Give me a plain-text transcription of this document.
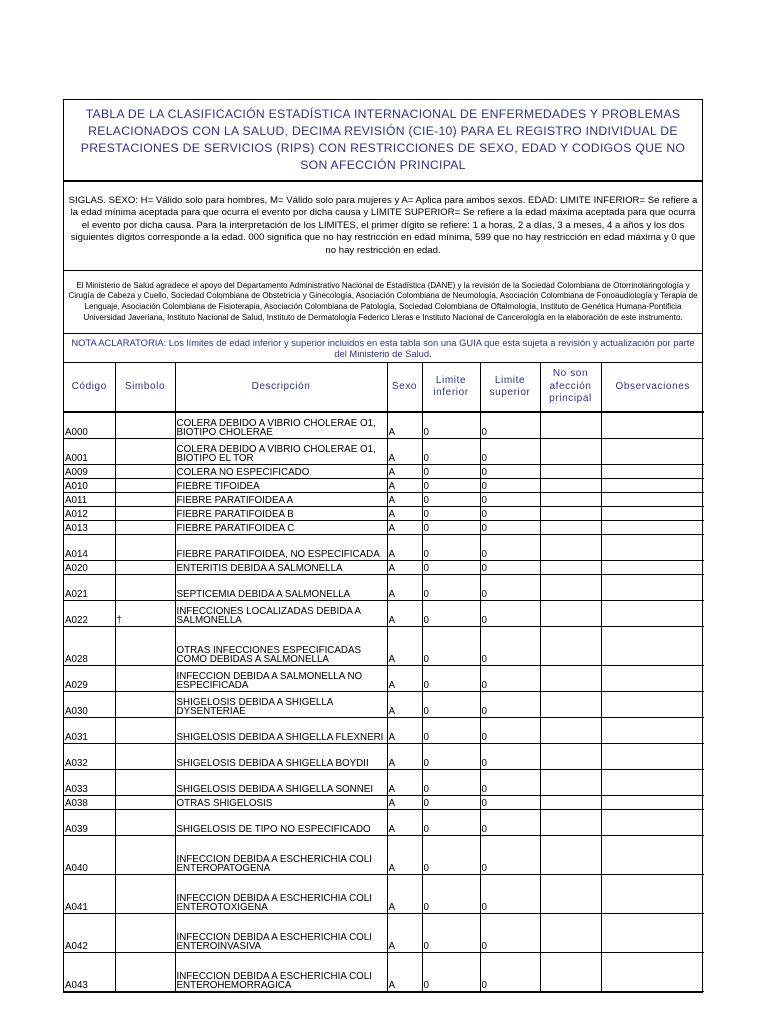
TABLA DE LA CLASIFICACIÓN ESTADÍSTICA INTERNACIONAL DE ENFERMEDADES Y PROBLEMAS RELACIONADOS CON LA SALUD, DECIMA REVISIÓN (CIE-10) PARA EL REGISTRO INDIVIDUAL DE PRESTACIONES DE SERVICIOS (RIPS) CON RESTRICCIONES DE SEXO, EDAD Y CODIGOS QUE NO SON AFECCIÓN PRINCIPAL
SIGLAS. SEXO: H= Válido solo para hombres, M= Válido solo para mujeres y A= Aplica para ambos sexos. EDAD: LIMITE INFERIOR= Se refiere a la edad mínima aceptada para que ocurra el evento por dicha causa y LIMITE SUPERIOR= Se refiere a la edad máxima aceptada para que ocurra el evento por dicha causa. Para la interpretación de los LIMITES, el primer dígito se refiere: 1 a horas, 2 a días, 3 a meses, 4 a años y los dos siguientes dígitos corresponde a la edad. 000 significa que no hay restricción en edad mínima, 599 que no hay restricción en edad máxima y 0 que no hay restricción en edad.
El Ministerio de Salud agradece el apoyo del Departamento Administrativo Nacional de Estadística (DANE) y la revisión de la Sociedad Colombiana de Otorrinolaringología y Cirugía de Cabeza y Cuello, Sociedad Colombiana de Obstetricia y Ginecología, Asociación Colombiana de Neumología, Asociación Colombiana de Fonoaudiología y Terapia de Lenguaje, Asociación Colombiana de Fisioterapia, Asociación Colombiana de Patología, Sociedad Colombiana de Oftalmología, Instituto de Genética Humana-Pontificia Universidad Javeriana, Instituto Nacional de Salud, Instituto de Dermatología Federico Lleras e Instituto Nacional de Cancerología en la elaboración de este instrumento.
NOTA ACLARATORIA: Los límites de edad inferior y superior incluidos en esta tabla son una GUIA que esta sujeta a revisión y actualización por parte del Ministerio de Salud.
Código	Simbolo	Descripción	Sexo	Limite inferior	Limite superior	No son afección principal	Observaciones
A000		COLERA DEBIDO A VIBRIO CHOLERAE O1, BIOTIPO CHOLERAE	A	0	0		
A001		COLERA DEBIDO A VIBRIO CHOLERAE O1, BIOTIPO EL TOR	A	0	0		
A009		COLERA NO ESPECIFICADO	A	0	0		
A010		FIEBRE TIFOIDEA	A	0	0		
A011		FIEBRE PARATIFOIDEA A	A	0	0		
A012		FIEBRE PARATIFOIDEA B	A	0	0		
A013		FIEBRE PARATIFOIDEA C	A	0	0		
A014		FIEBRE PARATIFOIDEA, NO ESPECIFICADA	A	0	0		
A020		ENTERITIS DEBIDA A SALMONELLA	A	0	0		
A021		SEPTICEMIA DEBIDA A SALMONELLA	A	0	0		
A022	†	INFECCIONES LOCALIZADAS DEBIDA A SALMONELLA	A	0	0		
A028		OTRAS INFECCIONES ESPECIFICADAS COMO DEBIDAS A SALMONELLA	A	0	0		
A029		INFECCION DEBIDA A SALMONELLA NO ESPECIFICADA	A	0	0		
A030		SHIGELOSIS DEBIDA A SHIGELLA DYSENTERIAE	A	0	0		
A031		SHIGELOSIS DEBIDA A SHIGELLA FLEXNERI	A	0	0		
A032		SHIGELOSIS DEBIDA A SHIGELLA BOYDII	A	0	0		
A033		SHIGELOSIS DEBIDA A SHIGELLA SONNEI	A	0	0		
A038		OTRAS SHIGELOSIS	A	0	0		
A039		SHIGELOSIS DE TIPO NO ESPECIFICADO	A	0	0		
A040		INFECCION DEBIDA A ESCHERICHIA COLI ENTEROPATOGENA	A	0	0		
A041		INFECCION DEBIDA A ESCHERICHIA COLI ENTEROTOXIGENA	A	0	0		
A042		INFECCION DEBIDA A ESCHERICHIA COLI ENTEROINVASIVA	A	0	0		
A043		INFECCION DEBIDA A ESCHERICHIA COLI ENTEROHEMORRAGICA	A	0	0		
